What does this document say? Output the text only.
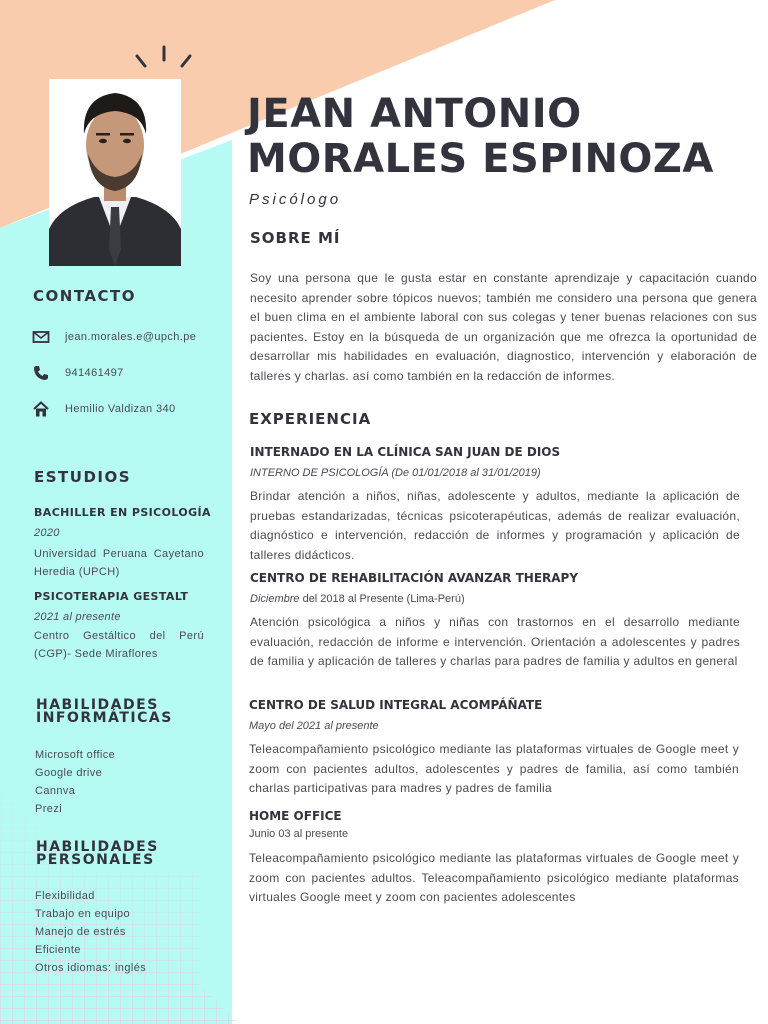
JEAN ANTONIO
MORALES ESPINOZA
Psicólogo
SOBRE MÍ

Soy una persona que le gusta estar en constante aprendizaje y capacitación cuando necesito aprender sobre tópicos nuevos; también me considero una persona que genera el buen clima en el ambiente laboral con sus colegas y tener buenas relaciones con sus pacientes. Estoy en la búsqueda de un organización que me ofrezca la oportunidad de desarrollar mis habilidades en evaluación, diagnostico, intervención y elaboración de talleres y charlas. así como también en la redacción de informes.

EXPERIENCIA
INTERNADO EN LA CLÍNICA SAN JUAN DE DIOS
INTERNO DE PSICOLOGÍA (De 01/01/2018 al 31/01/2019)

Brindar atención a niños, niñas, adolescente y adultos, mediante la aplicación de pruebas estandarizadas, técnicas psicoterapéuticas, además de realizar evaluación, diagnóstico e intervención, redacción de informes y programación y aplicación de talleres didácticos.

CENTRO DE REHABILITACIÓN AVANZAR THERAPY
Diciembre del 2018 al Presente (Lima-Perú)

Atención psicológica a niños y niñas con trastornos en el desarrollo mediante evaluación, redacción de informe e intervención. Orientación a adolescentes y padres de familia y aplicación de talleres y charlas para padres de familia y adultos en general

CENTRO DE SALUD INTEGRAL ACOMPÁÑATE
Mayo del 2021 al presente

Teleacompañamiento psicológico mediante las plataformas virtuales de Google meet y zoom con pacientes adultos, adolescentes y padres de familia, así como también charlas participativas para madres y padres de familia

HOME OFFICE
Junio 03 al presente

Teleacompañamiento psicológico mediante las plataformas virtuales de Google meet y zoom con pacientes adultos. Teleacompañamiento psicológico mediante plataformas virtuales Google meet y zoom con pacientes adolescentes

CONTACTO
jean.morales.e@upch.pe
941461497
Hemilio Valdizan 340
ESTUDIOS
BACHILLER EN PSICOLOGÍA
2020

Universidad Peruana Cayetano Heredia (UPCH)

PSICOTERAPIA GESTALT
2021 al presente

Centro Gestáltico del Perú (CGP)- Sede Miraflores

HABILIDADES
INFORMÁTICAS
Microsoft office
Google drive
Cannva
Prezi
HABILIDADES
PERSONALES
Flexibilidad
Trabajo en equipo
Manejo de estrés
Eficiente
Otros idiomas: inglés
